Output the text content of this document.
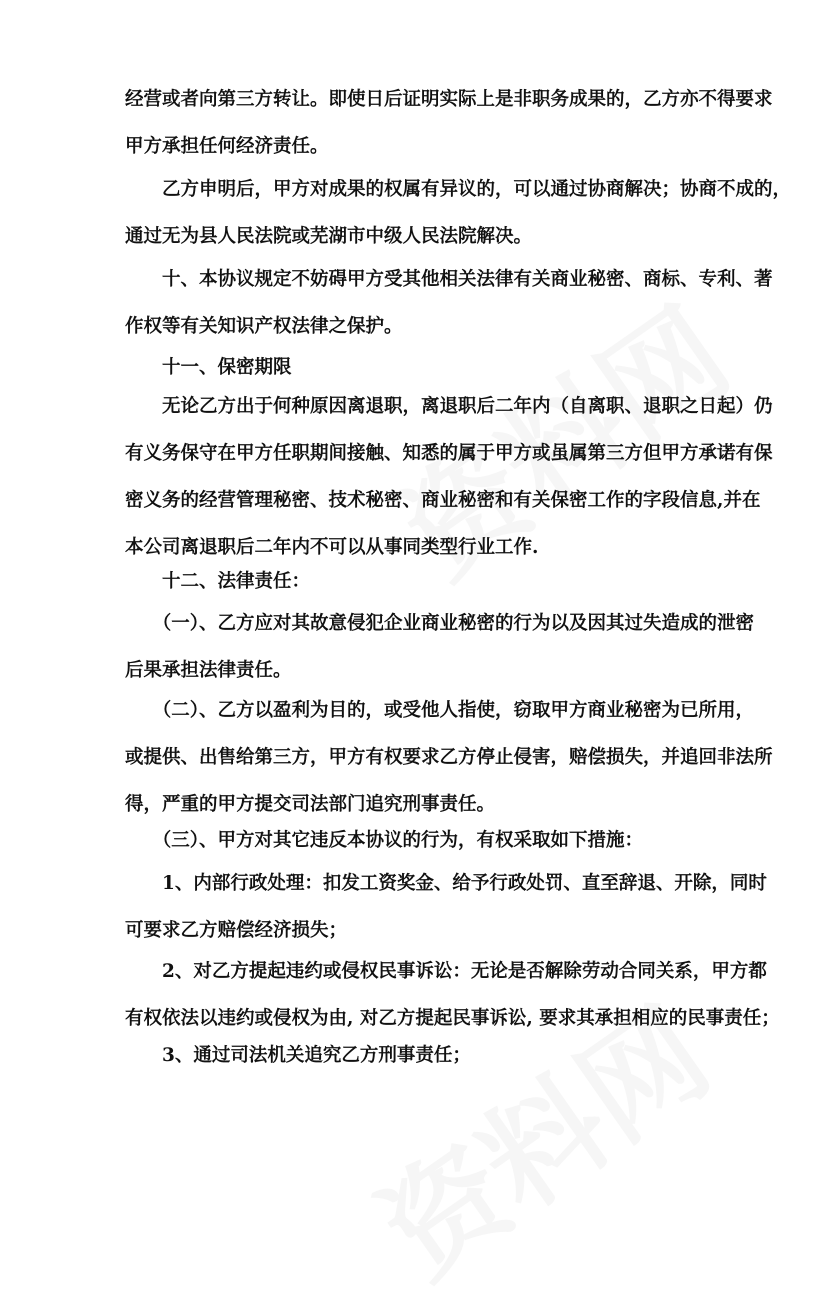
经营或者向第三方转让。即使日后证明实际上是非职务成果的，乙方亦不得要求
甲方承担任何经济责任。
　　乙方申明后，甲方对成果的权属有异议的，可以通过协商解决；协商不成的，
通过无为县人民法院或芜湖市中级人民法院解决。
　　十、本协议规定不妨碍甲方受其他相关法律有关商业秘密、商标、专利、著
作权等有关知识产权法律之保护。
　　十一、保密期限
　　无论乙方出于何种原因离退职，离退职后二年内（自离职、退职之日起）仍
有义务保守在甲方任职期间接触、知悉的属于甲方或虽属第三方但甲方承诺有保
密义务的经营管理秘密、技术秘密、商业秘密和有关保密工作的字段信息,并在
本公司离退职后二年内不可以从事同类型行业工作.
　　十二、法律责任：
　　（一）、乙方应对其故意侵犯企业商业秘密的行为以及因其过失造成的泄密
后果承担法律责任。
　　（二）、乙方以盈利为目的，或受他人指使，窃取甲方商业秘密为已所用，
或提供、出售给第三方，甲方有权要求乙方停止侵害，赔偿损失，并追回非法所
得，严重的甲方提交司法部门追究刑事责任。
　　（三）、甲方对其它违反本协议的行为，有权采取如下措施：
　　1、内部行政处理：扣发工资奖金、给予行政处罚、直至辞退、开除，同时
可要求乙方赔偿经济损失；
　　2、对乙方提起违约或侵权民事诉讼：无论是否解除劳动合同关系，甲方都
有权依法以违约或侵权为由, 对乙方提起民事诉讼, 要求其承担相应的民事责任；
　　3、通过司法机关追究乙方刑事责任；
